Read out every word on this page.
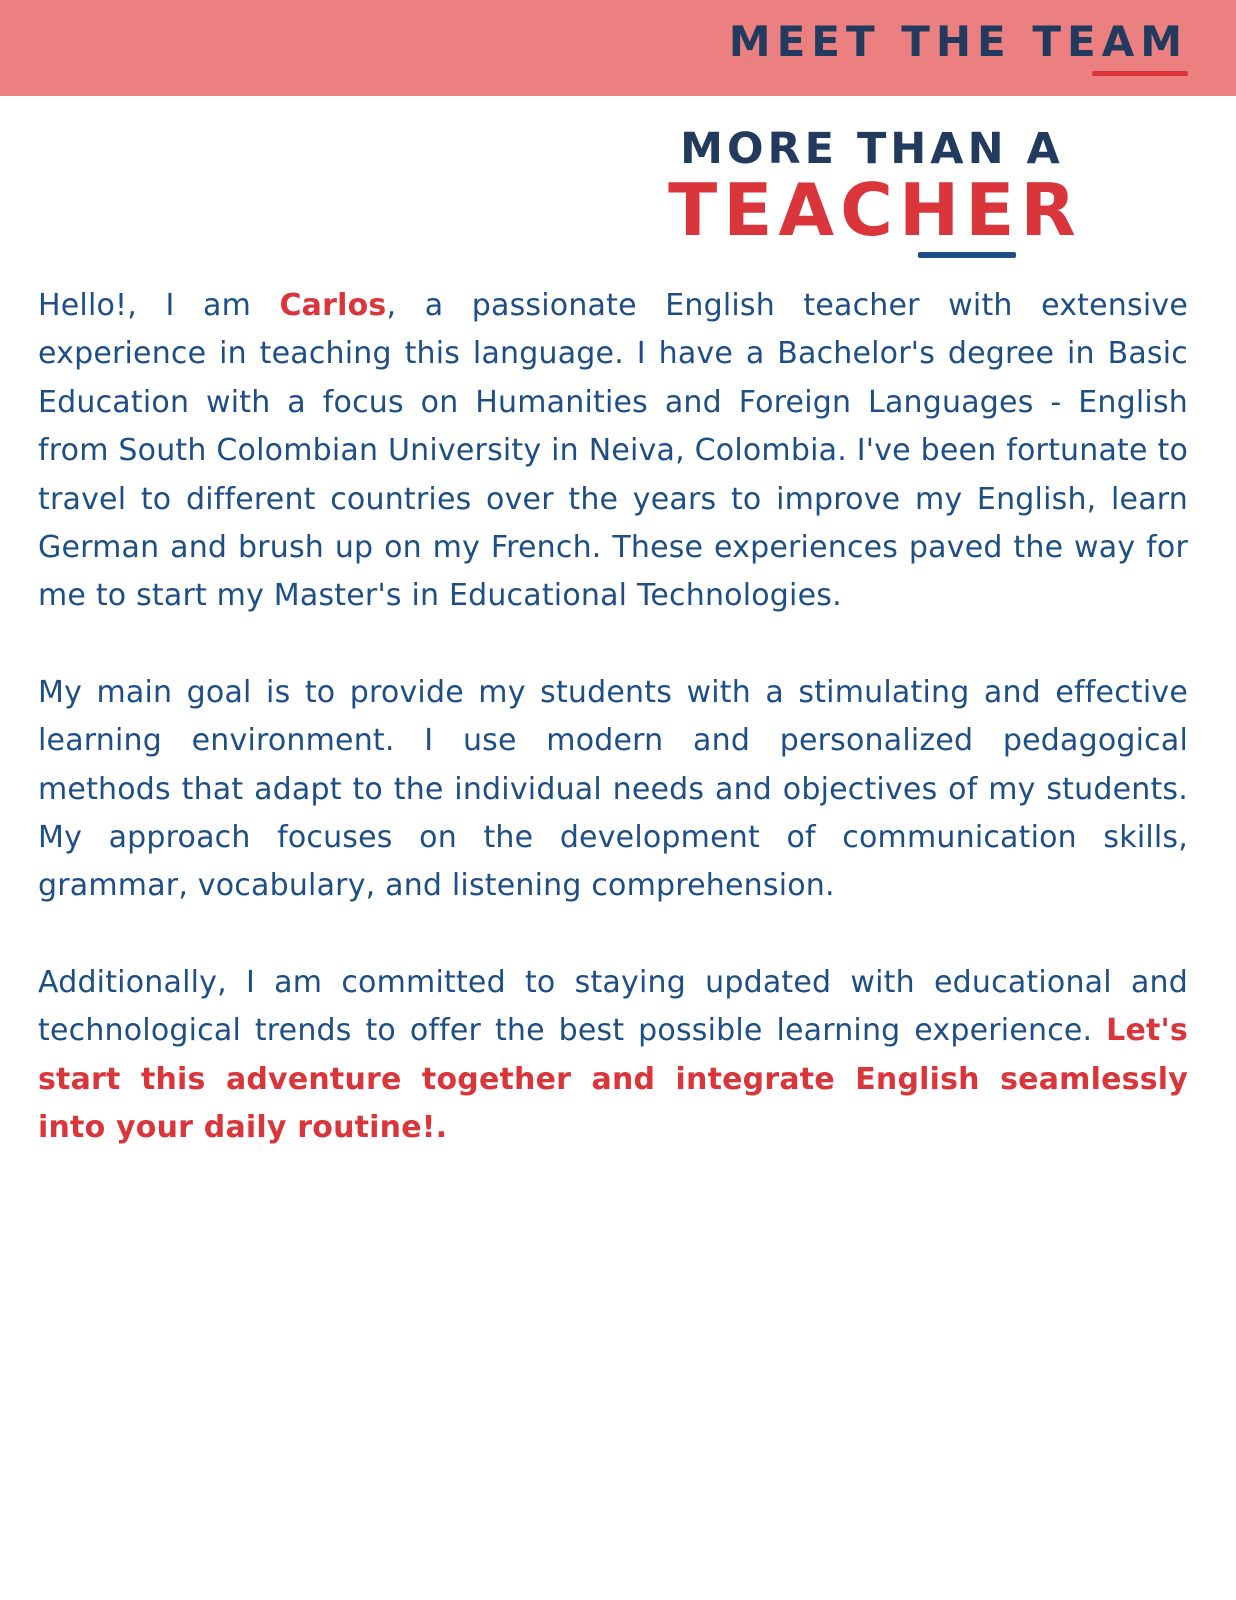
MEET THE TEAM
MORE THAN A
TEACHER

Hello!, I am Carlos, a passionate English teacher with extensive experience in teaching this language. I have a Bachelor's degree in Basic Education with a focus on Humanities and Foreign Languages - English from South Colombian University in Neiva, Colombia. I've been fortunate to travel to different countries over the years to improve my English, learn German and brush up on my French. These experiences paved the way for me to start my Master's in Educational Technologies.

My main goal is to provide my students with a stimulating and effective learning environment. I use modern and personalized pedagogical methods that adapt to the individual needs and objectives of my students. My approach focuses on the development of communication skills, grammar, vocabulary, and listening comprehension.

Additionally, I am committed to staying updated with educational and technological trends to offer the best possible learning experience. Let's start this adventure together and integrate English seamlessly into your daily routine!.
